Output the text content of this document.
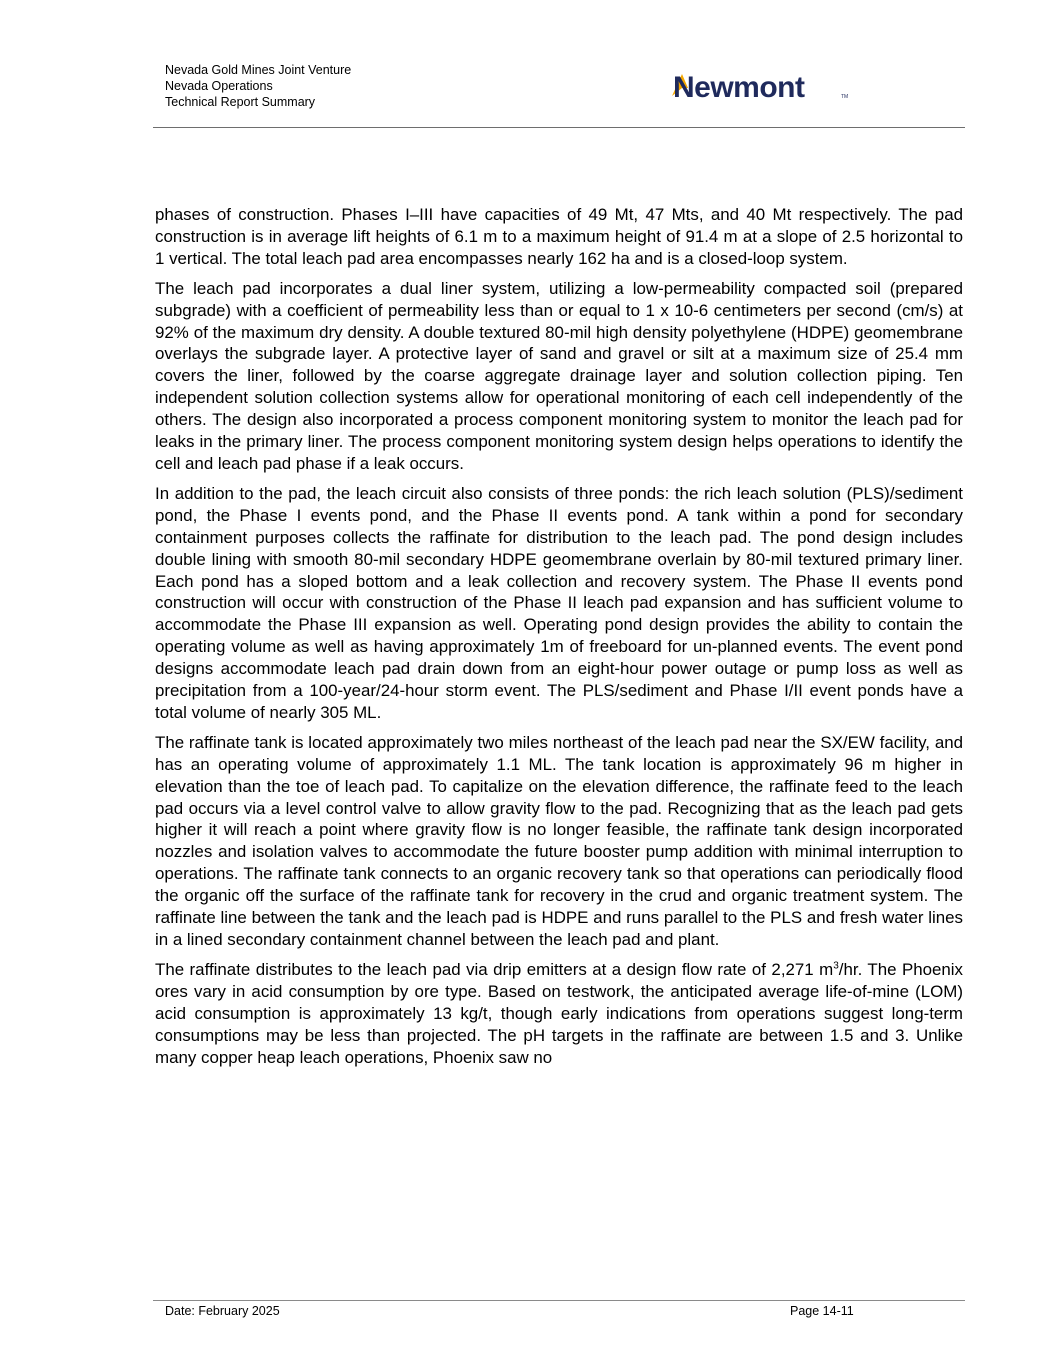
Nevada Gold Mines Joint Venture
Nevada Operations
Technical Report Summary	Newmont	TM

phases of construction. Phases I–III have capacities of 49 Mt, 47 Mts, and 40 Mt respectively. The pad construction is in average lift heights of 6.1 m to a maximum height of 91.4 m at a slope of 2.5 horizontal to 1 vertical. The total leach pad area encompasses nearly 162 ha and is a closed-loop system.

The leach pad incorporates a dual liner system, utilizing a low-permeability compacted soil (prepared subgrade) with a coefficient of permeability less than or equal to 1 x 10-6 centimeters per second (cm/s) at 92% of the maximum dry density. A double textured 80-mil high density polyethylene (HDPE) geomembrane overlays the subgrade layer. A protective layer of sand and gravel or silt at a maximum size of 25.4 mm covers the liner, followed by the coarse aggregate drainage layer and solution collection piping. Ten independent solution collection systems allow for operational monitoring of each cell independently of the others. The design also incorporated a process component monitoring system to monitor the leach pad for leaks in the primary liner. The process component monitoring system design helps operations to identify the cell and leach pad phase if a leak occurs.

In addition to the pad, the leach circuit also consists of three ponds: the rich leach solution (PLS)/sediment pond, the Phase I events pond, and the Phase II events pond. A tank within a pond for secondary containment purposes collects the raffinate for distribution to the leach pad. The pond design includes double lining with smooth 80-mil secondary HDPE geomembrane overlain by 80-mil textured primary liner. Each pond has a sloped bottom and a leak collection and recovery system. The Phase II events pond construction will occur with construction of the Phase II leach pad expansion and has sufficient volume to accommodate the Phase III expansion as well. Operating pond design provides the ability to contain the operating volume as well as having approximately 1m of freeboard for un-planned events. The event pond designs accommodate leach pad drain down from an eight-hour power outage or pump loss as well as precipitation from a 100-year/24-hour storm event. The PLS/sediment and Phase I/II event ponds have a total volume of nearly 305 ML.

The raffinate tank is located approximately two miles northeast of the leach pad near the SX/EW facility, and has an operating volume of approximately 1.1 ML. The tank location is approximately 96 m higher in elevation than the toe of leach pad. To capitalize on the elevation difference, the raffinate feed to the leach pad occurs via a level control valve to allow gravity flow to the pad. Recognizing that as the leach pad gets higher it will reach a point where gravity flow is no longer feasible, the raffinate tank design incorporated nozzles and isolation valves to accommodate the future booster pump addition with minimal interruption to operations. The raffinate tank connects to an organic recovery tank so that operations can periodically flood the organic off the surface of the raffinate tank for recovery in the crud and organic treatment system. The raffinate line between the tank and the leach pad is HDPE and runs parallel to the PLS and fresh water lines in a lined secondary containment channel between the leach pad and plant.

The raffinate distributes to the leach pad via drip emitters at a design flow rate of 2,271 $m^3/hr$. The Phoenix ores vary in acid consumption by ore type. Based on testwork, the anticipated average life-of-mine (LOM) acid consumption is approximately 13 kg/t, though early indications from operations suggest long-term consumptions may be less than projected. The pH targets in the raffinate are between 1.5 and 3. Unlike many copper heap leach operations, Phoenix saw no

Date: February 2025	Page 14-11
